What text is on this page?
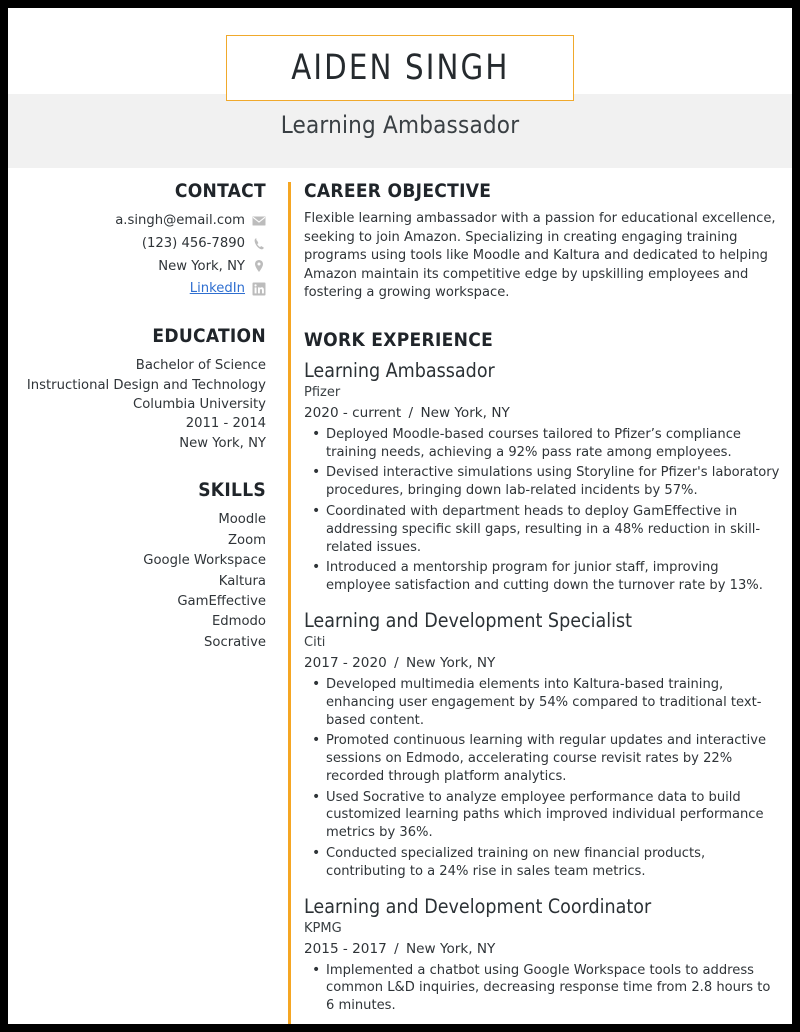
AIDEN SINGH
Learning Ambassador
CONTACT
a.singh@email.com
(123) 456-7890
New York, NY
LinkedIn
EDUCATION
Bachelor of Science
Instructional Design and Technology
Columbia University
2011 - 2014
New York, NY
SKILLS
Moodle
Zoom
Google Workspace
Kaltura
GamEffective
Edmodo
Socrative
CAREER OBJECTIVE
Flexible learning ambassador with a passion for educational excellence, seeking to join Amazon. Specializing in creating engaging training programs using tools like Moodle and Kaltura and dedicated to helping Amazon maintain its competitive edge by upskilling employees and fostering a growing workspace.
WORK EXPERIENCE
Learning Ambassador
Pfizer
2020 - current / New York, NY
• Deployed Moodle-based courses tailored to Pfizer’s compliance training needs, achieving a 92% pass rate among employees.
• Devised interactive simulations using Storyline for Pfizer's laboratory procedures, bringing down lab-related incidents by 57%.
• Coordinated with department heads to deploy GamEffective in addressing specific skill gaps, resulting in a 48% reduction in skill-related issues.
• Introduced a mentorship program for junior staff, improving employee satisfaction and cutting down the turnover rate by 13%.
Learning and Development Specialist
Citi
2017 - 2020 / New York, NY
• Developed multimedia elements into Kaltura-based training, enhancing user engagement by 54% compared to traditional text-based content.
• Promoted continuous learning with regular updates and interactive sessions on Edmodo, accelerating course revisit rates by 22% recorded through platform analytics.
• Used Socrative to analyze employee performance data to build customized learning paths which improved individual performance metrics by 36%.
• Conducted specialized training on new financial products, contributing to a 24% rise in sales team metrics.
Learning and Development Coordinator
KPMG
2015 - 2017 / New York, NY
• Implemented a chatbot using Google Workspace tools to address common L&D inquiries, decreasing response time from 2.8 hours to 6 minutes.
